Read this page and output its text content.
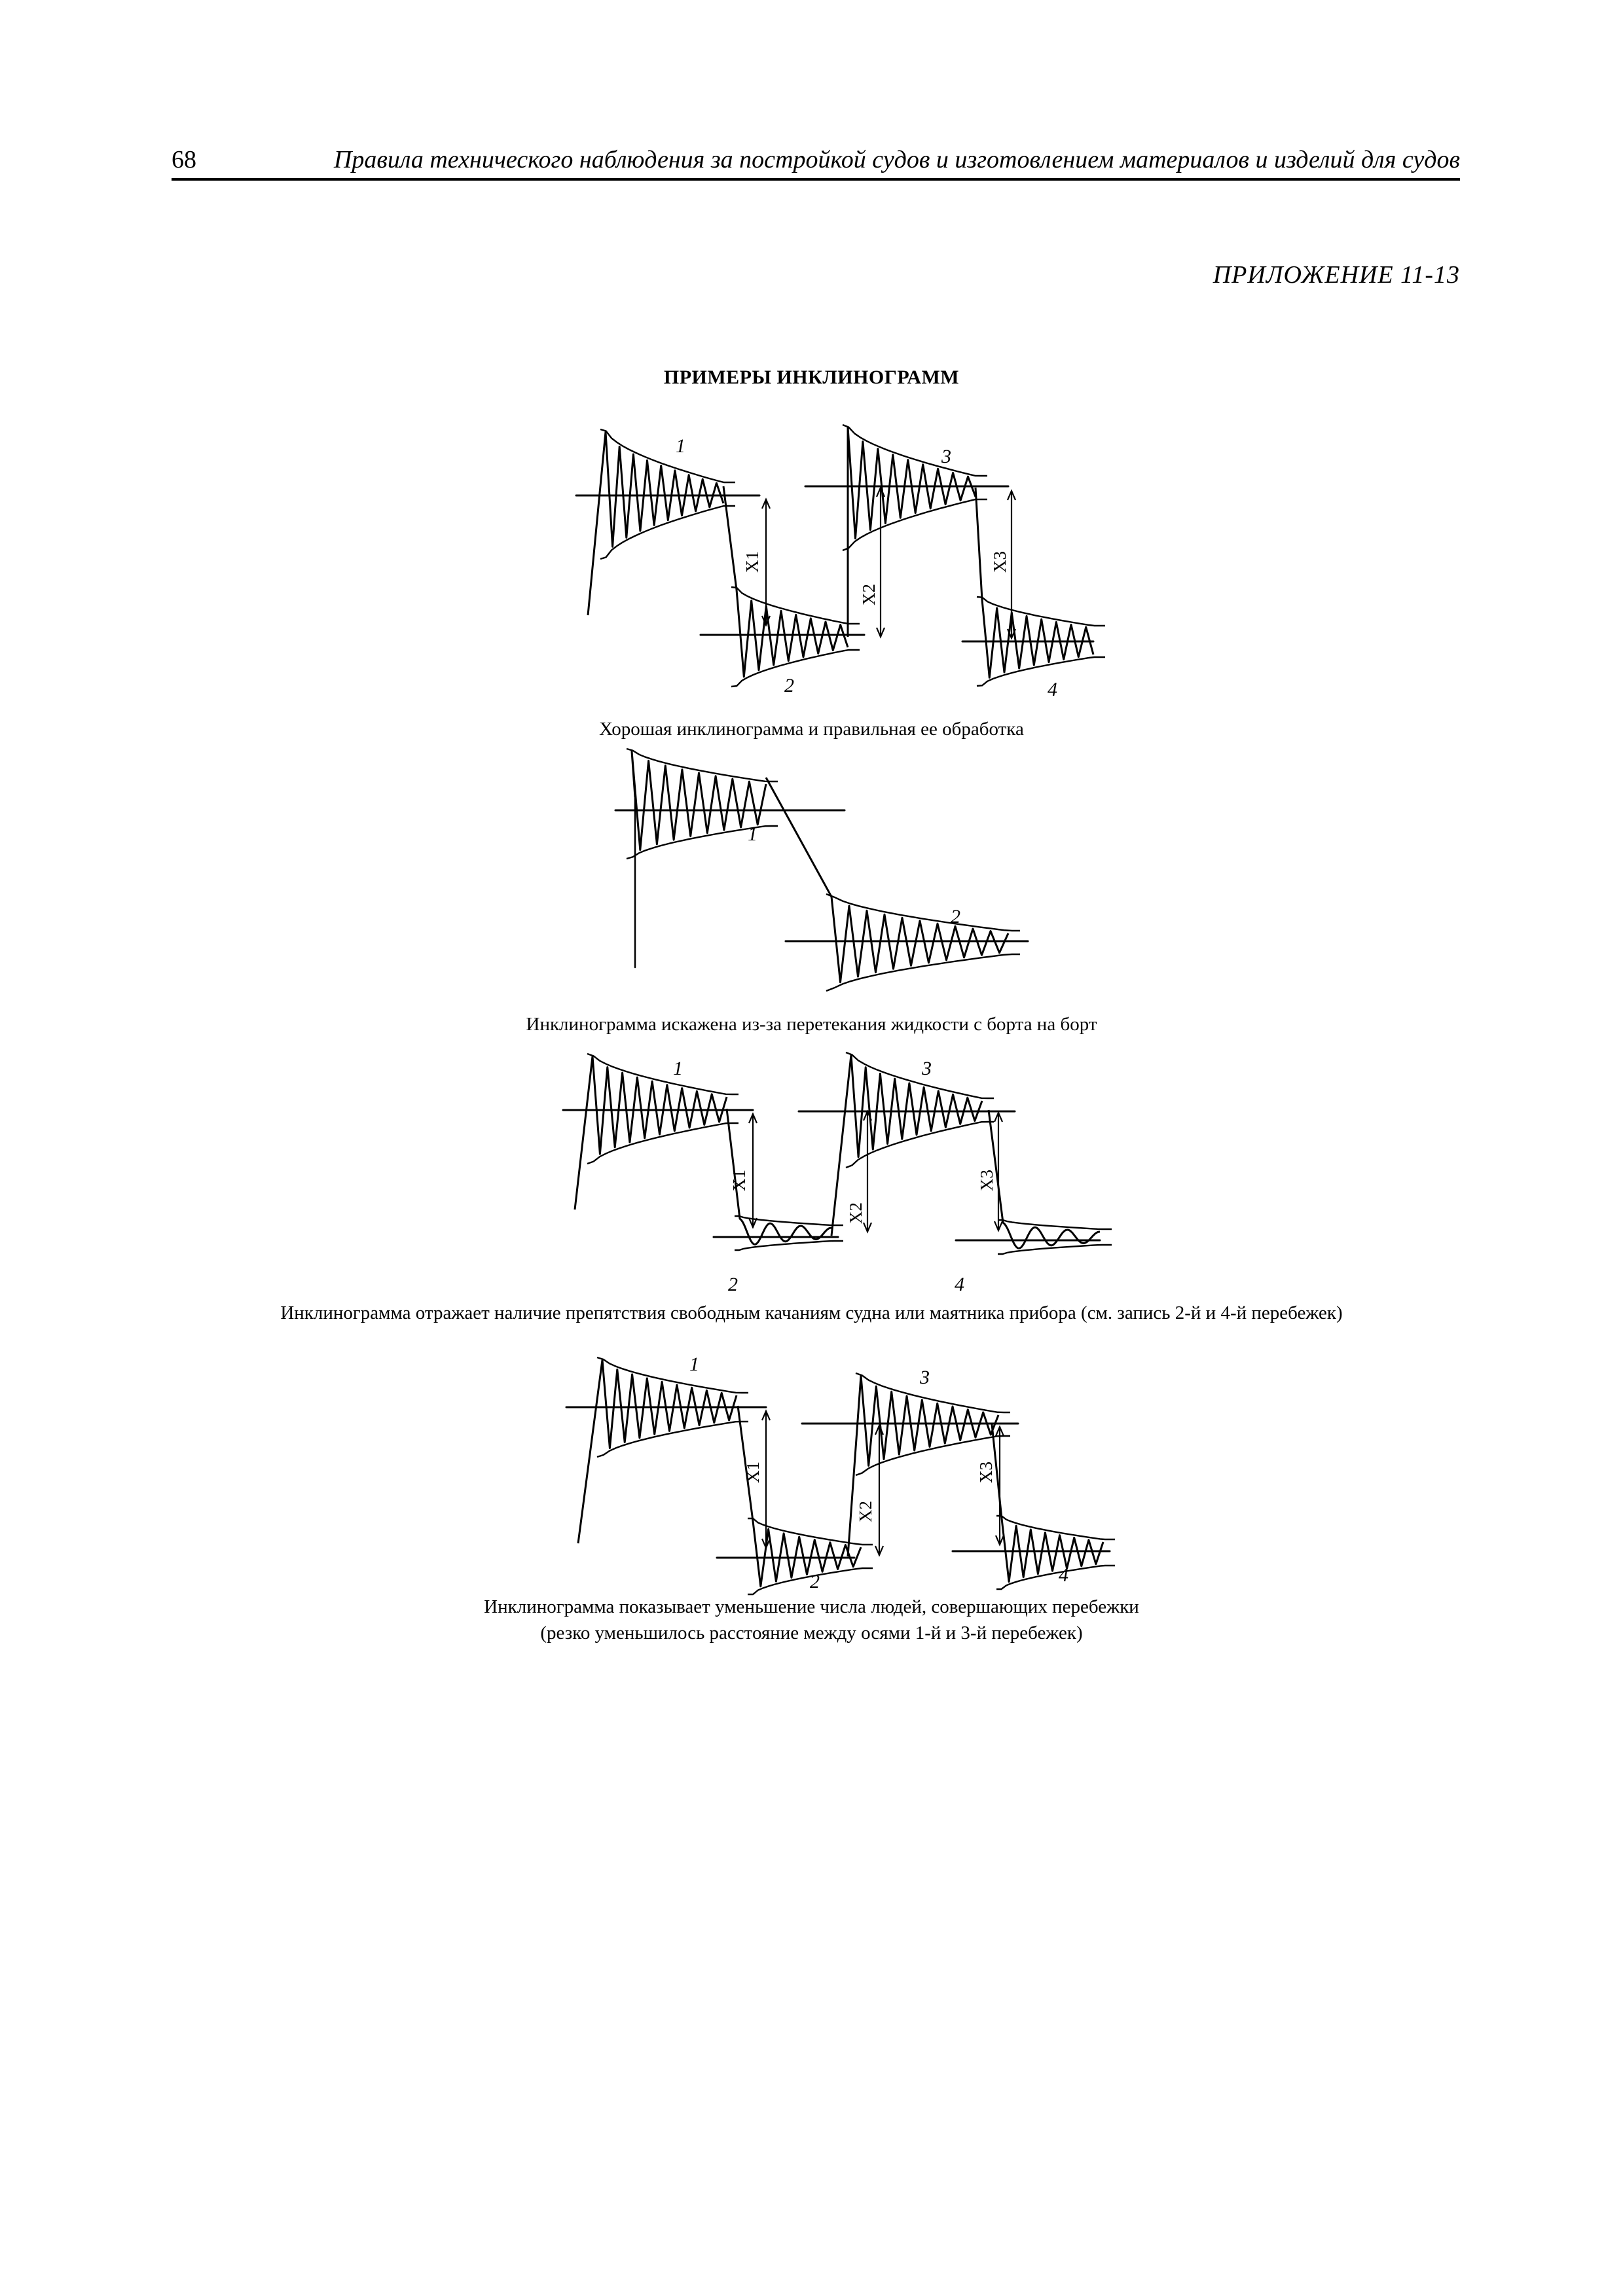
68	Правила технического наблюдения за постройкой судов и изготовлением материалов и изделий для судов
ПРИЛОЖЕНИЕ 11-13
ПРИМЕРЫ ИНКЛИНОГРАММ
1
2
3
4
X1
X2
X3
Хорошая инклинограмма и правильная ее обработка
1
2
Инклинограмма искажена из-за перетекания жидкости с борта на борт
1
2
3
4
X1
X2
X3
Инклинограмма отражает наличие препятствия свободным качаниям судна или маятника прибора (см. запись 2-й и 4-й перебежек)
1
2
3
4
X1
X2
X3
Инклинограмма показывает уменьшение числа людей, совершающих перебежки
(резко уменьшилось расстояние между осями 1-й и 3-й перебежек)
